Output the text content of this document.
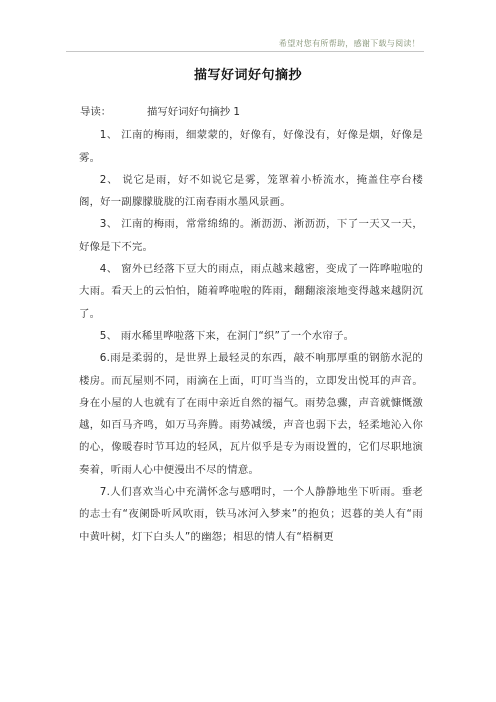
希望对您有所帮助，感谢下载与阅读！
描写好词好句摘抄
导读：	描写好词好句摘抄 1

1、 江南的梅雨，细蒙蒙的，好像有，好像没有，好像是烟，好像是雾。

2、 说它是雨，好不如说它是雾，笼罩着小桥流水，掩盖住亭台楼阁，好一副朦朦胧胧的江南春雨水墨风景画。

3、 江南的梅雨，常常绵绵的。淅沥沥、淅沥沥，下了一天又一天，好像是下不完。

4、 窗外已经落下豆大的雨点，雨点越来越密，变成了一阵哗啦啦的大雨。看天上的云怕怕，随着哗啦啦的阵雨，翻翻滚滚地变得越来越阴沉了。

5、 雨水稀里哗啦落下来，在洞门“织”了一个水帘子。

6.雨是柔弱的，是世界上最轻灵的东西，敲不响那厚重的钢筋水泥的楼房。而瓦屋则不同，雨滴在上面，叮叮当当的，立即发出悦耳的声音。身在小屋的人也就有了在雨中亲近自然的福气。雨势急骤，声音就慷慨激越，如百马齐鸣，如万马奔腾。雨势减缓，声音也弱下去，轻柔地沁入你的心，像暖春时节耳边的轻风，瓦片似乎是专为雨设置的，它们尽职地演奏着，听雨人心中便漫出不尽的情意。

7.人们喜欢当心中充满怀念与感喟时，一个人静静地坐下听雨。垂老的志士有“夜阑卧听风吹雨，铁马冰河入梦来”的抱负；迟暮的美人有“雨中黄叶树，灯下白头人”的幽怨；相思的情人有“梧桐更
